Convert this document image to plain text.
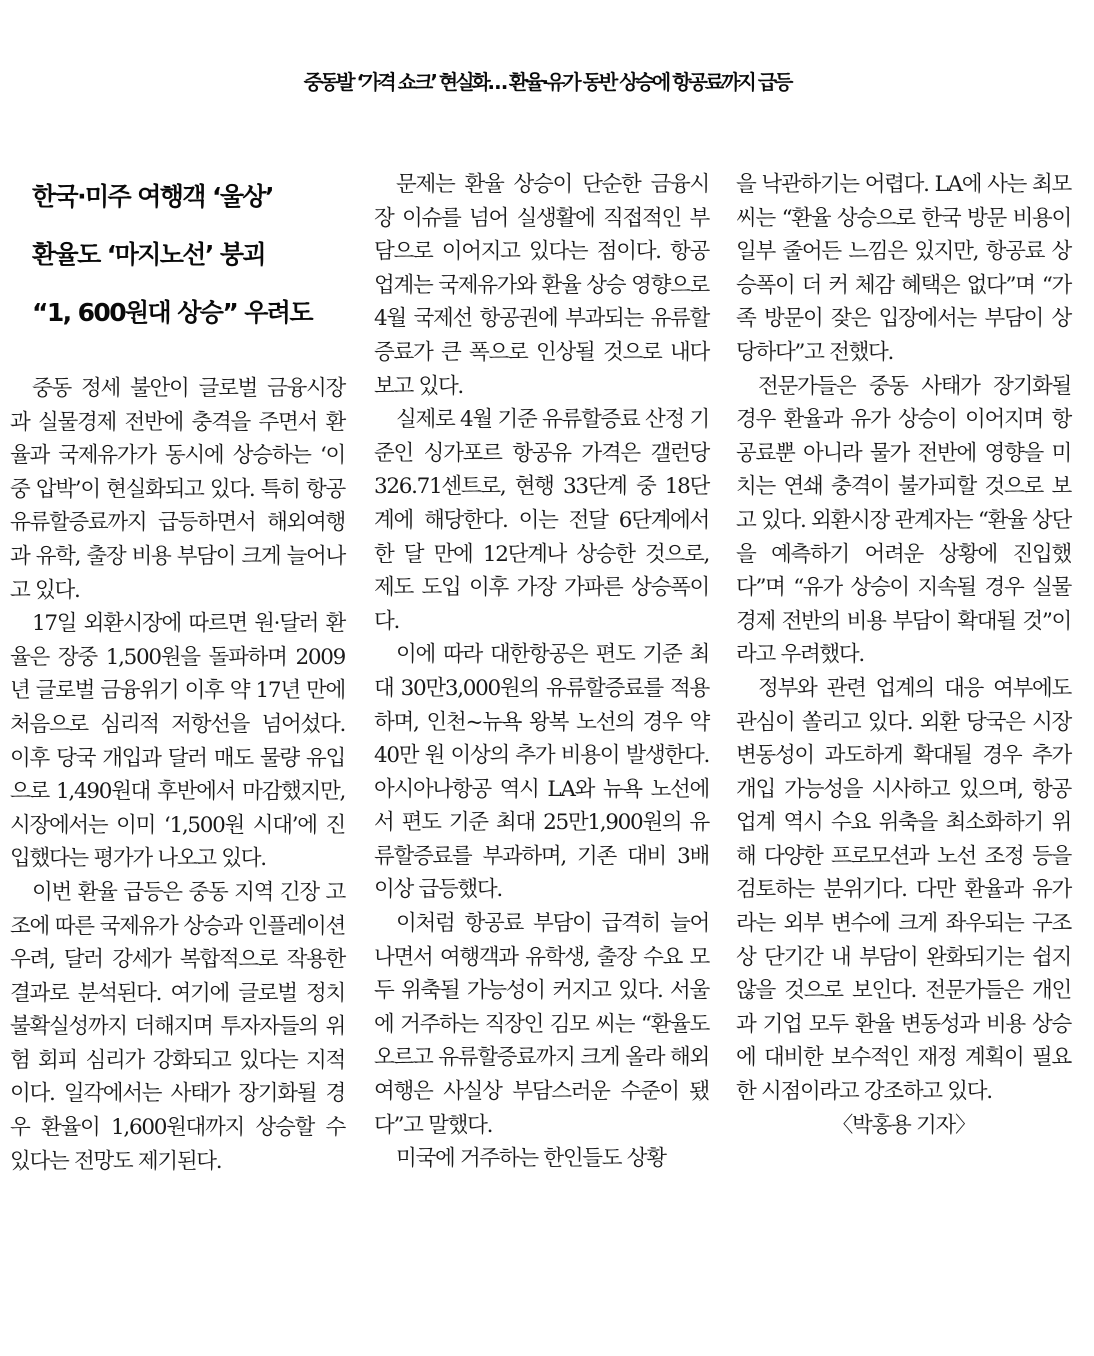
중동발 ‘가격 쇼크’ 현실화… 환율·유가 동반 상승에 항공료까지 급등
한국·미주 여행객 ‘울상’
환율도 ‘마지노선’ 붕괴
“1, 600원대 상승” 우려도

중동 정세 불안이 글로벌 금융시장과 실물경제 전반에 충격을 주면서 환율과 국제유가가 동시에 상승하는 ‘이중 압박’이 현실화되고 있다. 특히 항공 유류할증료까지 급등하면서 해외여행과 유학, 출장 비용 부담이 크게 늘어나고 있다.

17일 외환시장에 따르면 원·달러 환율은 장중 1,500원을 돌파하며 2009년 글로벌 금융위기 이후 약 17년 만에 처음으로 심리적 저항선을 넘어섰다. 이후 당국 개입과 달러 매도 물량 유입으로 1,490원대 후반에서 마감했지만, 시장에서는 이미 ‘1,500원 시대’에 진입했다는 평가가 나오고 있다.

이번 환율 급등은 중동 지역 긴장 고조에 따른 국제유가 상승과 인플레이션 우려, 달러 강세가 복합적으로 작용한 결과로 분석된다. 여기에 글로벌 정치 불확실성까지 더해지며 투자자들의 위험 회피 심리가 강화되고 있다는 지적이다. 일각에서는 사태가 장기화될 경우 환율이 1,600원대까지 상승할 수 있다는 전망도 제기된다.

문제는 환율 상승이 단순한 금융시장 이슈를 넘어 실생활에 직접적인 부담으로 이어지고 있다는 점이다. 항공업계는 국제유가와 환율 상승 영향으로 4월 국제선 항공권에 부과되는 유류할증료가 큰 폭으로 인상될 것으로 내다보고 있다.

실제로 4월 기준 유류할증료 산정 기준인 싱가포르 항공유 가격은 갤런당 326.71센트로, 현행 33단계 중 18단계에 해당한다. 이는 전달 6단계에서 한 달 만에 12단계나 상승한 것으로, 제도 도입 이후 가장 가파른 상승폭이다.

이에 따라 대한항공은 편도 기준 최대 30만3,000원의 유류할증료를 적용하며, 인천~뉴욕 왕복 노선의 경우 약 40만 원 이상의 추가 비용이 발생한다. 아시아나항공 역시 LA와 뉴욕 노선에서 편도 기준 최대 25만1,900원의 유류할증료를 부과하며, 기존 대비 3배 이상 급등했다.

이처럼 항공료 부담이 급격히 늘어나면서 여행객과 유학생, 출장 수요 모두 위축될 가능성이 커지고 있다. 서울에 거주하는 직장인 김모 씨는 “환율도 오르고 유류할증료까지 크게 올라 해외여행은 사실상 부담스러운 수준이 됐다”고 말했다.

미국에 거주하는 한인들도 상황

을 낙관하기는 어렵다. LA에 사는 최모 씨는 “환율 상승으로 한국 방문 비용이 일부 줄어든 느낌은 있지만, 항공료 상승폭이 더 커 체감 혜택은 없다”며 “가족 방문이 잦은 입장에서는 부담이 상당하다”고 전했다.

전문가들은 중동 사태가 장기화될 경우 환율과 유가 상승이 이어지며 항공료뿐 아니라 물가 전반에 영향을 미치는 연쇄 충격이 불가피할 것으로 보고 있다. 외환시장 관계자는 “환율 상단을 예측하기 어려운 상황에 진입했다”며 “유가 상승이 지속될 경우 실물경제 전반의 비용 부담이 확대될 것”이라고 우려했다.

정부와 관련 업계의 대응 여부에도 관심이 쏠리고 있다. 외환 당국은 시장 변동성이 과도하게 확대될 경우 추가 개입 가능성을 시사하고 있으며, 항공업계 역시 수요 위축을 최소화하기 위해 다양한 프로모션과 노선 조정 등을 검토하는 분위기다. 다만 환율과 유가라는 외부 변수에 크게 좌우되는 구조상 단기간 내 부담이 완화되기는 쉽지 않을 것으로 보인다. 전문가들은 개인과 기업 모두 환율 변동성과 비용 상승에 대비한 보수적인 재정 계획이 필요한 시점이라고 강조하고 있다.

〈박홍용 기자〉
